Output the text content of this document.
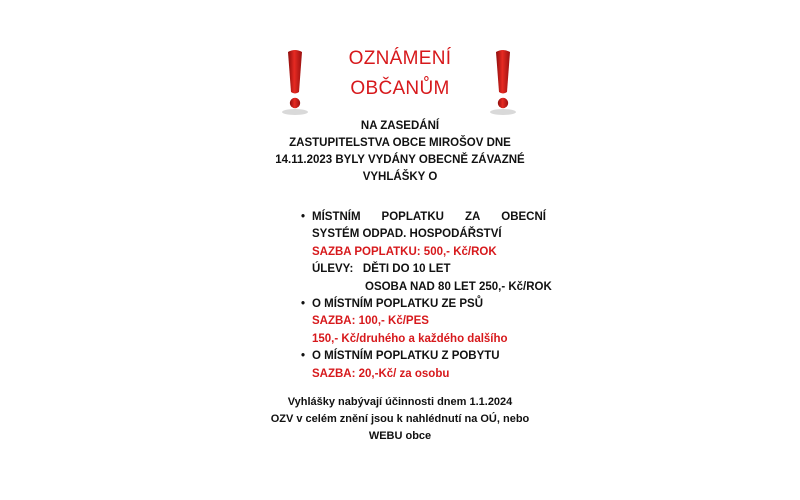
OZNÁMENÍ
OBČANŮM
NA ZASEDÁNÍ
ZASTUPITELSTVA OBCE MIROŠOV DNE
14.11.2023 BYLY VYDÁNY OBECNĚ ZÁVAZNÉ
VYHLÁŠKY O
• MÍSTNÍM POPLATKU ZA OBECNÍ
SYSTÉM ODPAD. HOSPODÁŘSTVÍ
SAZBA POPLATKU: 500,- Kč/ROK
ÚLEVY: DĚTI DO 10 LET
OSOBA NAD 80 LET 250,- Kč/ROK
• O MÍSTNÍM POPLATKU ZE PSŮ
SAZBA: 100,- Kč/PES
150,- Kč/druhého a každého dalšího
• O MÍSTNÍM POPLATKU Z POBYTU
SAZBA: 20,-Kč/ za osobu
Vyhlášky nabývají účinnosti dnem 1.1.2024
OZV v celém znění jsou k nahlédnutí na OÚ, nebo
WEBU obce
